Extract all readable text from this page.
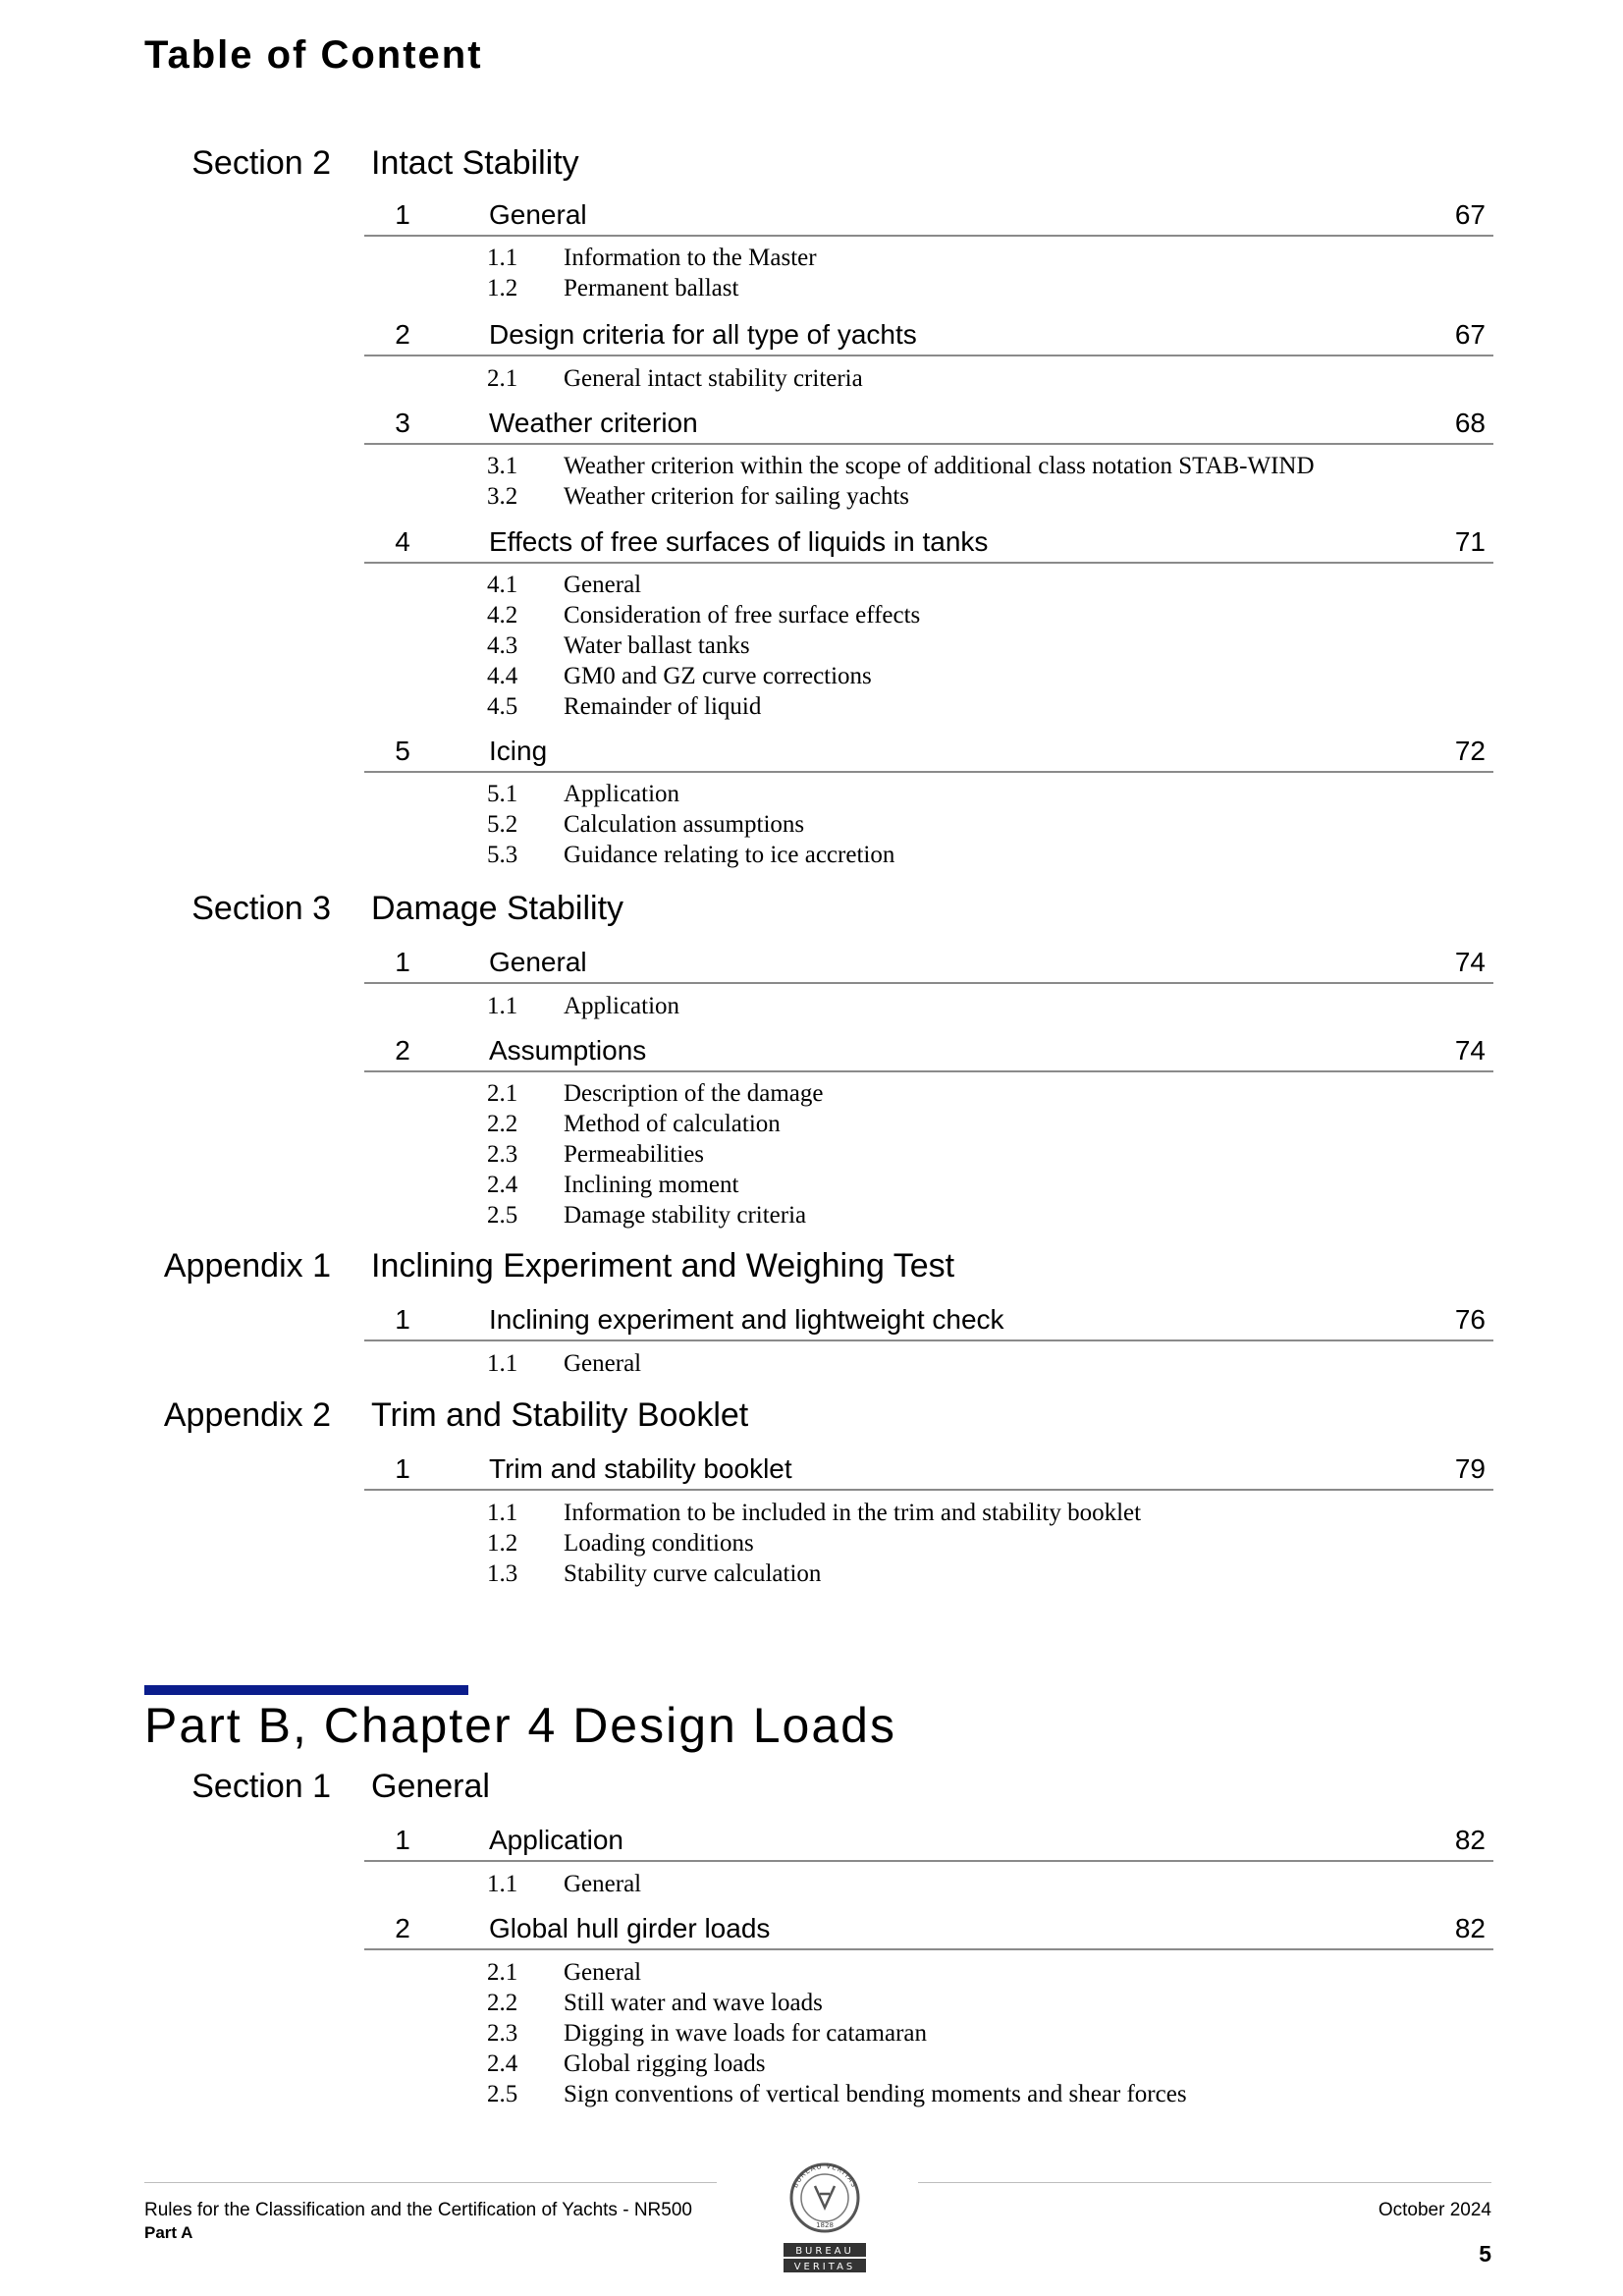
Table of Content
Part B, Chapter 4 Design Loads
Rules for the Classification and the Certification of Yachts - NR500
Part A
October 2024
5
BUREAU VERITAS
1828
BUREAU
VERITAS
Section 2 Intact Stability
1	General	67
1.1 Information to the Master
1.2 Permanent ballast
2	Design criteria for all type of yachts	67
2.1 General intact stability criteria
3	Weather criterion	68
3.1 Weather criterion within the scope of additional class notation STAB-WIND
3.2 Weather criterion for sailing yachts
4	Effects of free surfaces of liquids in tanks	71
4.1 General
4.2 Consideration of free surface effects
4.3 Water ballast tanks
4.4 GM0 and GZ curve corrections
4.5 Remainder of liquid
5	Icing	72
5.1 Application
5.2 Calculation assumptions
5.3 Guidance relating to ice accretion
Section 3 Damage Stability
1	General	74
1.1 Application
2	Assumptions	74
2.1 Description of the damage
2.2 Method of calculation
2.3 Permeabilities
2.4 Inclining moment
2.5 Damage stability criteria
Appendix 1 Inclining Experiment and Weighing Test
1	Inclining experiment and lightweight check	76
1.1 General
Appendix 2 Trim and Stability Booklet
1	Trim and stability booklet	79
1.1 Information to be included in the trim and stability booklet
1.2 Loading conditions
1.3 Stability curve calculation
Section 1 General
1	Application	82
1.1 General
2	Global hull girder loads	82
2.1 General
2.2 Still water and wave loads
2.3 Digging in wave loads for catamaran
2.4 Global rigging loads
2.5 Sign conventions of vertical bending moments and shear forces
